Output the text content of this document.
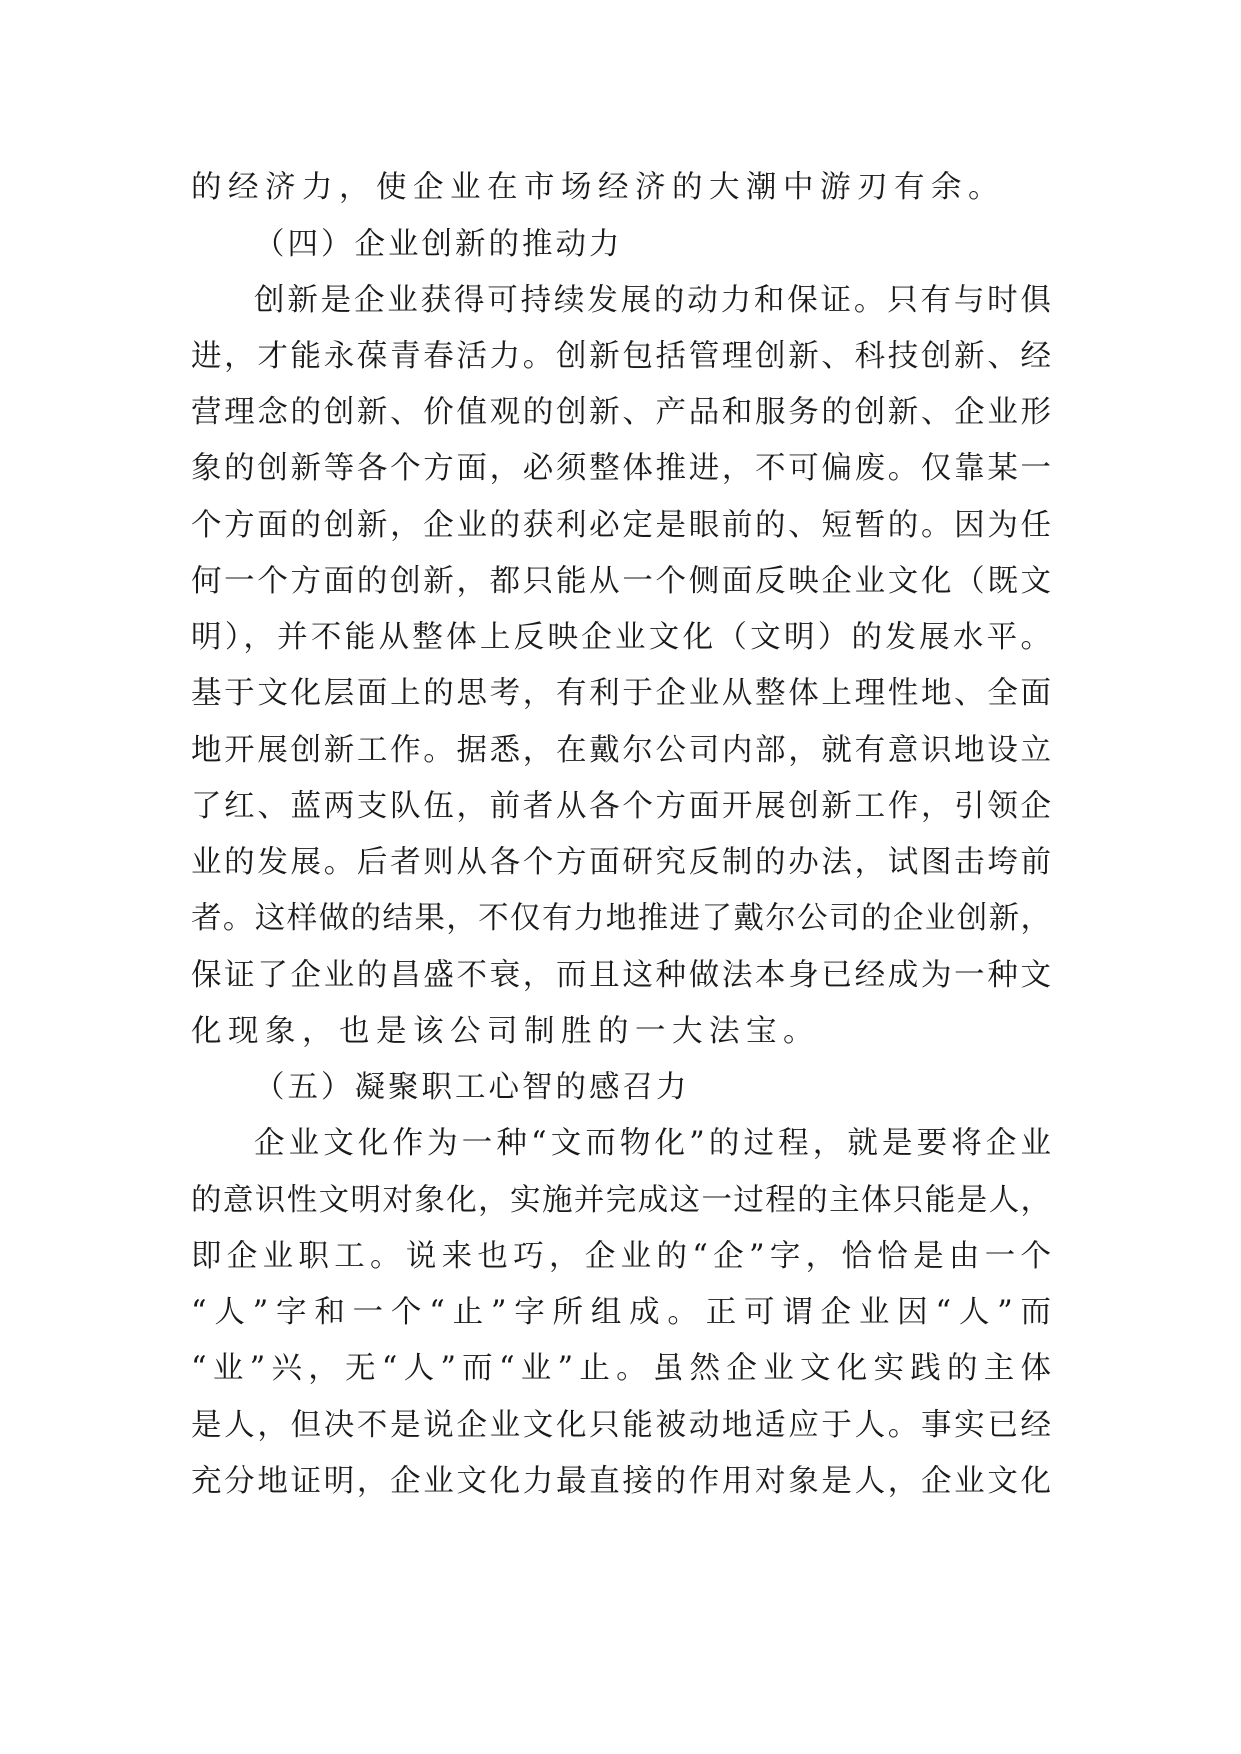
的经济力，使企业在市场经济的大潮中游刃有余。
（四）企业创新的推动力
创新是企业获得可持续发展的动力和保证。只有与时俱
进，才能永葆青春活力。创新包括管理创新、科技创新、经
营理念的创新、价值观的创新、产品和服务的创新、企业形
象的创新等各个方面，必须整体推进，不可偏废。仅靠某一
个方面的创新，企业的获利必定是眼前的、短暂的。因为任
何一个方面的创新，都只能从一个侧面反映企业文化（既文
明），并不能从整体上反映企业文化（文明）的发展水平。
基于文化层面上的思考，有利于企业从整体上理性地、全面
地开展创新工作。据悉，在戴尔公司内部，就有意识地设立
了红、蓝两支队伍，前者从各个方面开展创新工作，引领企
业的发展。后者则从各个方面研究反制的办法，试图击垮前
者。这样做的结果，不仅有力地推进了戴尔公司的企业创新，
保证了企业的昌盛不衰，而且这种做法本身已经成为一种文
化现象，也是该公司制胜的一大法宝。
（五）凝聚职工心智的感召力
企业文化作为一种“文而物化”的过程，就是要将企业
的意识性文明对象化，实施并完成这一过程的主体只能是人，
即企业职工。说来也巧，企业的“企”字，恰恰是由一个
“人”字和一个“止”字所组成。正可谓企业因“人”而
“业”兴，无“人”而“业”止。虽然企业文化实践的主体
是人，但决不是说企业文化只能被动地适应于人。事实已经
充分地证明，企业文化力最直接的作用对象是人，企业文化
